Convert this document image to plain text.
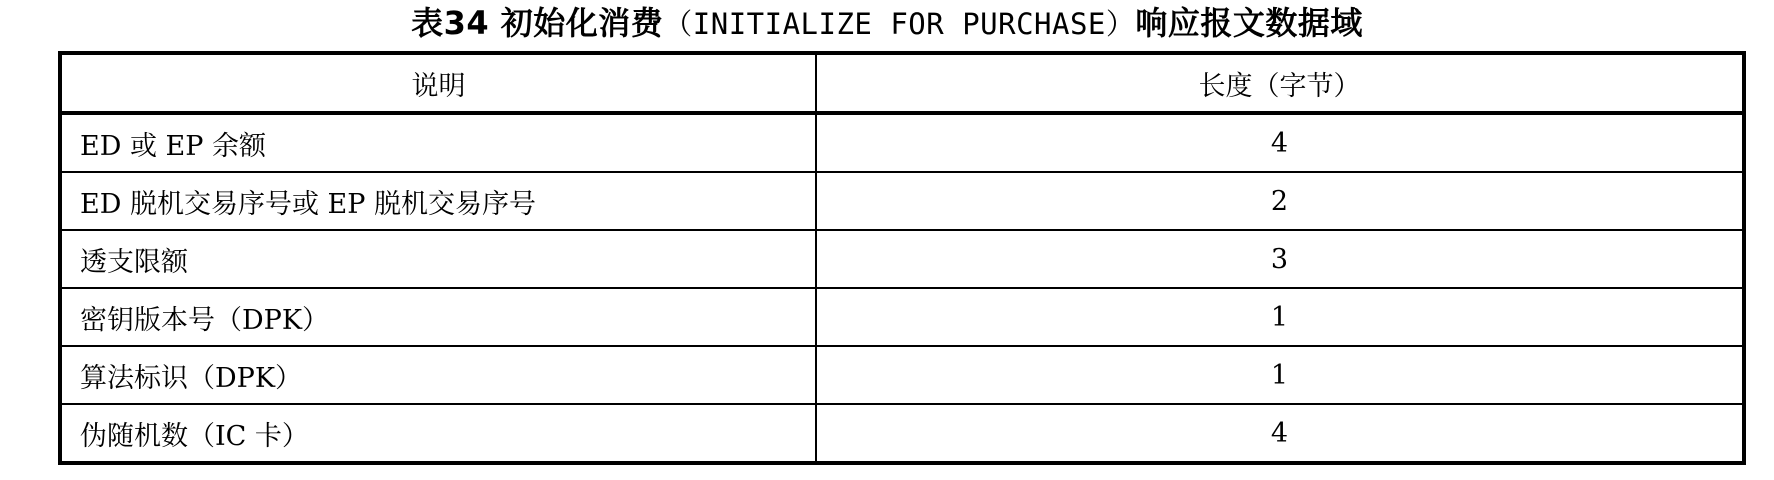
表34 初始化消费（INITIALIZE FOR PURCHASE）响应报文数据域
说明	长度（字节）
ED 或 EP 余额	4
ED 脱机交易序号或 EP 脱机交易序号	2
透支限额	3
密钥版本号（DPK）	1
算法标识（DPK）	1
伪随机数（IC 卡）	4
